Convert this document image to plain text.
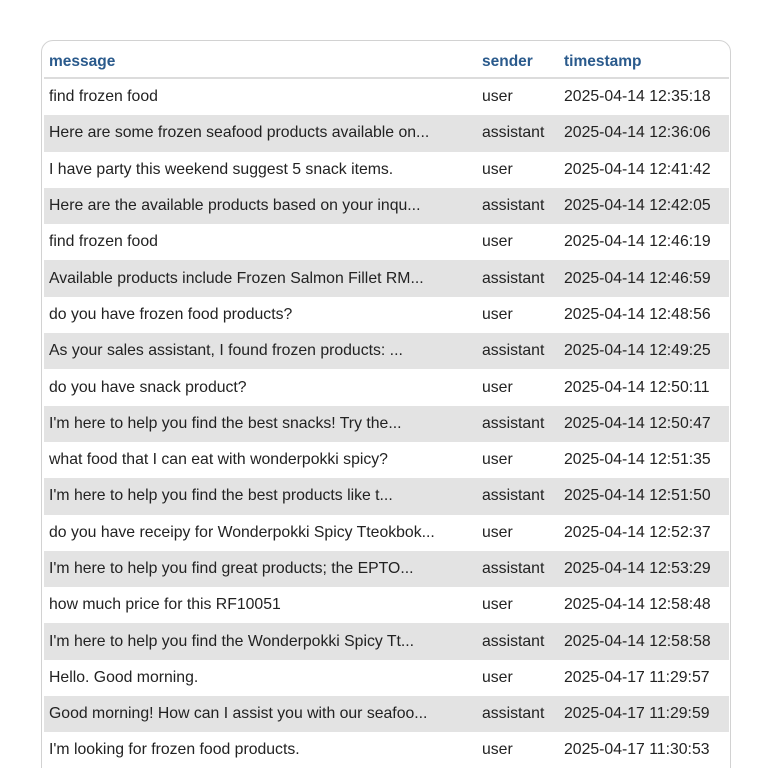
message	sender	timestamp
find frozen food	user	2025-04-14 12:35:18
Here are some frozen seafood products available on...	assistant	2025-04-14 12:36:06
I have party this weekend suggest 5 snack items.	user	2025-04-14 12:41:42
Here are the available products based on your inqu...	assistant	2025-04-14 12:42:05
find frozen food	user	2025-04-14 12:46:19
Available products include Frozen Salmon Fillet RM...	assistant	2025-04-14 12:46:59
do you have frozen food products?	user	2025-04-14 12:48:56
As your sales assistant, I found frozen products: ...	assistant	2025-04-14 12:49:25
do you have snack product?	user	2025-04-14 12:50:11
I'm here to help you find the best snacks! Try the...	assistant	2025-04-14 12:50:47
what food that I can eat with wonderpokki spicy?	user	2025-04-14 12:51:35
I'm here to help you find the best products like t...	assistant	2025-04-14 12:51:50
do you have receipy for Wonderpokki Spicy Tteokbok...	user	2025-04-14 12:52:37
I'm here to help you find great products; the EPTO...	assistant	2025-04-14 12:53:29
how much price for this RF10051	user	2025-04-14 12:58:48
I'm here to help you find the Wonderpokki Spicy Tt...	assistant	2025-04-14 12:58:58
Hello. Good morning.	user	2025-04-17 11:29:57
Good morning! How can I assist you with our seafoo...	assistant	2025-04-17 11:29:59
I'm looking for frozen food products.	user	2025-04-17 11:30:53
